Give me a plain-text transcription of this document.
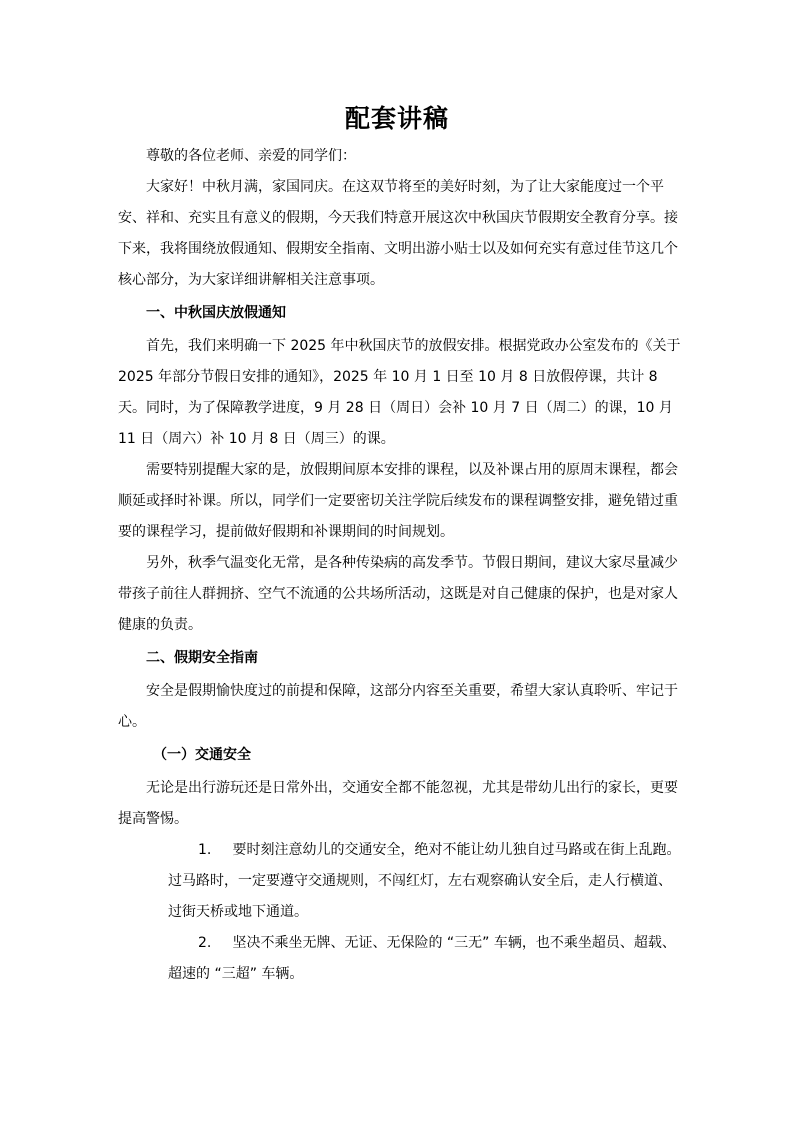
配套讲稿

尊敬的各位老师、亲爱的同学们：

大家好！中秋月满，家国同庆。在这双节将至的美好时刻，为了让大家能度过一个平安、祥和、充实且有意义的假期，今天我们特意开展这次中秋国庆节假期安全教育分享。接下来，我将围绕放假通知、假期安全指南、文明出游小贴士以及如何充实有意过佳节这几个核心部分，为大家详细讲解相关注意事项。

一、中秋国庆放假通知

首先，我们来明确一下 2025 年中秋国庆节的放假安排。根据党政办公室发布的《关于 2025 年部分节假日安排的通知》，2025 年 10 月 1 日至 10 月 8 日放假停课，共计 8 天。同时，为了保障教学进度，9 月 28 日（周日）会补 10 月 7 日（周二）的课，10 月 11 日（周六）补 10 月 8 日（周三）的课。

需要特别提醒大家的是，放假期间原本安排的课程，以及补课占用的原周末课程，都会顺延或择时补课。所以，同学们一定要密切关注学院后续发布的课程调整安排，避免错过重要的课程学习，提前做好假期和补课期间的时间规划。

另外，秋季气温变化无常，是各种传染病的高发季节。节假日期间，建议大家尽量减少带孩子前往人群拥挤、空气不流通的公共场所活动，这既是对自己健康的保护，也是对家人健康的负责。

二、假期安全指南

安全是假期愉快度过的前提和保障，这部分内容至关重要，希望大家认真聆听、牢记于心。

（一）交通安全

无论是出行游玩还是日常外出，交通安全都不能忽视，尤其是带幼儿出行的家长，更要提高警惕。

1. 要时刻注意幼儿的交通安全，绝对不能让幼儿独自过马路或在街上乱跑。
过马路时，一定要遵守交通规则，不闯红灯，左右观察确认安全后，走人行横道、过街天桥或地下通道。
2. 坚决不乘坐无牌、无证、无保险的 “三无” 车辆，也不乘坐超员、超载、
超速的 “三超” 车辆。
